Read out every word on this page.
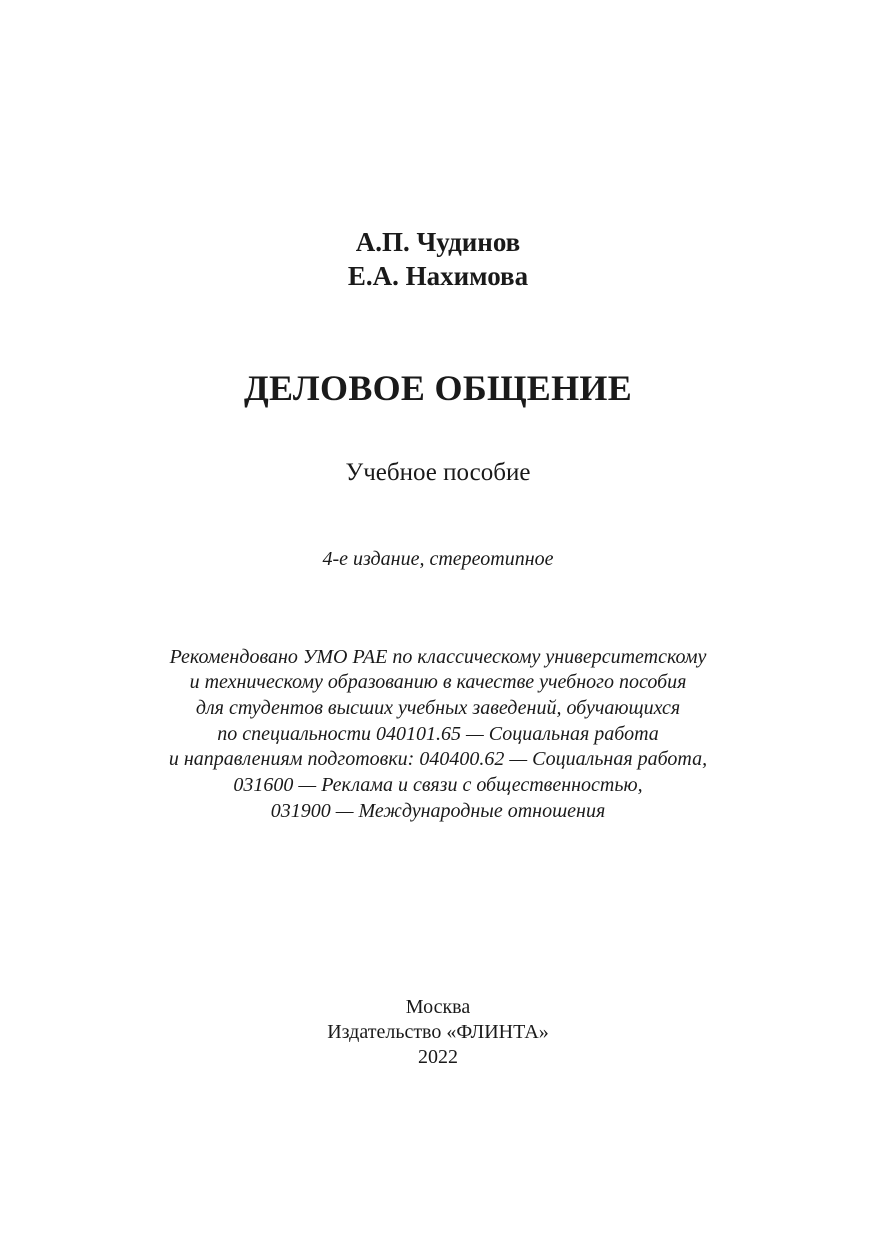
А.П. Чудинов
Е.А. Нахимова
ДЕЛОВОЕ ОБЩЕНИЕ
Учебное пособие
4-е издание, стереотипное
Рекомендовано УМО РАЕ по классическому университетскому
и техническому образованию в качестве учебного пособия
для студентов высших учебных заведений, обучающихся
по специальности 040101.65 — Социальная работа
и направлениям подготовки: 040400.62 — Социальная работа,
031600 — Реклама и связи с общественностью,
031900 — Международные отношения
Москва
Издательство «ФЛИНТА»
2022
